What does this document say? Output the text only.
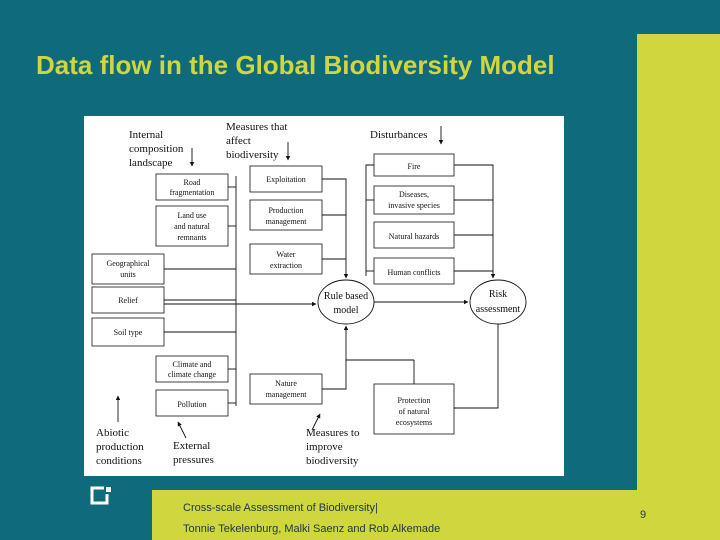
Data flow in the Global Biodiversity Model
Road
fragmentation
Land use
and natural
remnants
Geographical
units
Relief
Soil type
Climate and
climate change
Pollution
Exploitation
Production
management
Water
extraction
Nature
management
Fire
Diseases,
invasive species
Natural hazards
Human conflicts
Protection
of natural
ecosystems
Rule based
model
Risk
assessment
Internal
composition
landscape
Measures that
affect
biodiversity
Disturbances
Abiotic
production
conditions
External
pressures
Measures to
improve
biodiversity
Cross-scale Assessment of Biodiversity|
Tonnie Tekelenburg, Malki Saenz and Rob Alkemade
9
